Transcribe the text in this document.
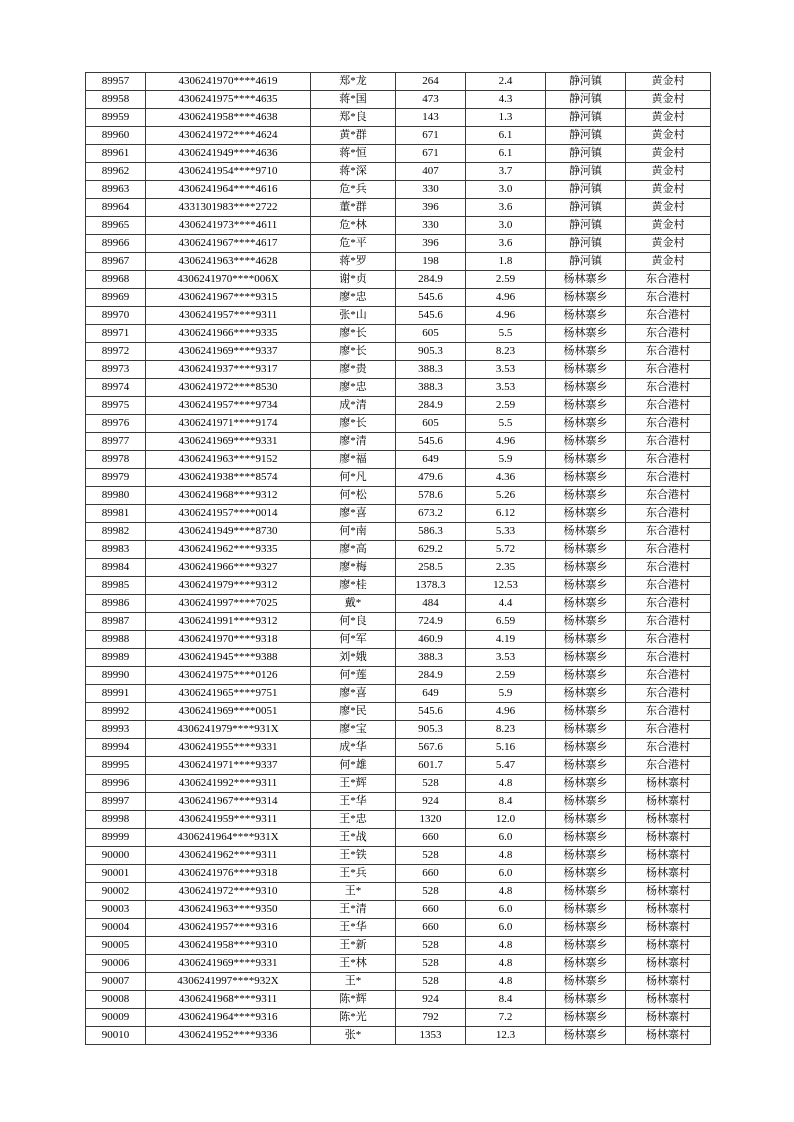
89957	4306241970****4619	郑*龙	264	2.4	静河镇	黄金村
89958	4306241975****4635	蒋*国	473	4.3	静河镇	黄金村
89959	4306241958****4638	郑*良	143	1.3	静河镇	黄金村
89960	4306241972****4624	黄*群	671	6.1	静河镇	黄金村
89961	4306241949****4636	蒋*恒	671	6.1	静河镇	黄金村
89962	4306241954****9710	蒋*深	407	3.7	静河镇	黄金村
89963	4306241964****4616	危*兵	330	3.0	静河镇	黄金村
89964	4331301983****2722	董*群	396	3.6	静河镇	黄金村
89965	4306241973****4611	危*林	330	3.0	静河镇	黄金村
89966	4306241967****4617	危*平	396	3.6	静河镇	黄金村
89967	4306241963****4628	蒋*罗	198	1.8	静河镇	黄金村
89968	4306241970****006X	谢*贞	284.9	2.59	杨林寨乡	东合港村
89969	4306241967****9315	廖*忠	545.6	4.96	杨林寨乡	东合港村
89970	4306241957****9311	张*山	545.6	4.96	杨林寨乡	东合港村
89971	4306241966****9335	廖*长	605	5.5	杨林寨乡	东合港村
89972	4306241969****9337	廖*长	905.3	8.23	杨林寨乡	东合港村
89973	4306241937****9317	廖*贵	388.3	3.53	杨林寨乡	东合港村
89974	4306241972****8530	廖*忠	388.3	3.53	杨林寨乡	东合港村
89975	4306241957****9734	成*清	284.9	2.59	杨林寨乡	东合港村
89976	4306241971****9174	廖*长	605	5.5	杨林寨乡	东合港村
89977	4306241969****9331	廖*清	545.6	4.96	杨林寨乡	东合港村
89978	4306241963****9152	廖*福	649	5.9	杨林寨乡	东合港村
89979	4306241938****8574	何*凡	479.6	4.36	杨林寨乡	东合港村
89980	4306241968****9312	何*松	578.6	5.26	杨林寨乡	东合港村
89981	4306241957****0014	廖*喜	673.2	6.12	杨林寨乡	东合港村
89982	4306241949****8730	何*南	586.3	5.33	杨林寨乡	东合港村
89983	4306241962****9335	廖*高	629.2	5.72	杨林寨乡	东合港村
89984	4306241966****9327	廖*梅	258.5	2.35	杨林寨乡	东合港村
89985	4306241979****9312	廖*桂	1378.3	12.53	杨林寨乡	东合港村
89986	4306241997****7025	戴*	484	4.4	杨林寨乡	东合港村
89987	4306241991****9312	何*良	724.9	6.59	杨林寨乡	东合港村
89988	4306241970****9318	何*军	460.9	4.19	杨林寨乡	东合港村
89989	4306241945****9388	刘*娥	388.3	3.53	杨林寨乡	东合港村
89990	4306241975****0126	何*莲	284.9	2.59	杨林寨乡	东合港村
89991	4306241965****9751	廖*喜	649	5.9	杨林寨乡	东合港村
89992	4306241969****0051	廖*民	545.6	4.96	杨林寨乡	东合港村
89993	4306241979****931X	廖*宝	905.3	8.23	杨林寨乡	东合港村
89994	4306241955****9331	成*华	567.6	5.16	杨林寨乡	东合港村
89995	4306241971****9337	何*雄	601.7	5.47	杨林寨乡	东合港村
89996	4306241992****9311	王*辉	528	4.8	杨林寨乡	杨林寨村
89997	4306241967****9314	王*华	924	8.4	杨林寨乡	杨林寨村
89998	4306241959****9311	王*忠	1320	12.0	杨林寨乡	杨林寨村
89999	4306241964****931X	王*战	660	6.0	杨林寨乡	杨林寨村
90000	4306241962****9311	王*铁	528	4.8	杨林寨乡	杨林寨村
90001	4306241976****9318	王*兵	660	6.0	杨林寨乡	杨林寨村
90002	4306241972****9310	王*	528	4.8	杨林寨乡	杨林寨村
90003	4306241963****9350	王*清	660	6.0	杨林寨乡	杨林寨村
90004	4306241957****9316	王*华	660	6.0	杨林寨乡	杨林寨村
90005	4306241958****9310	王*新	528	4.8	杨林寨乡	杨林寨村
90006	4306241969****9331	王*林	528	4.8	杨林寨乡	杨林寨村
90007	4306241997****932X	王*	528	4.8	杨林寨乡	杨林寨村
90008	4306241968****9311	陈*辉	924	8.4	杨林寨乡	杨林寨村
90009	4306241964****9316	陈*光	792	7.2	杨林寨乡	杨林寨村
90010	4306241952****9336	张*	1353	12.3	杨林寨乡	杨林寨村
